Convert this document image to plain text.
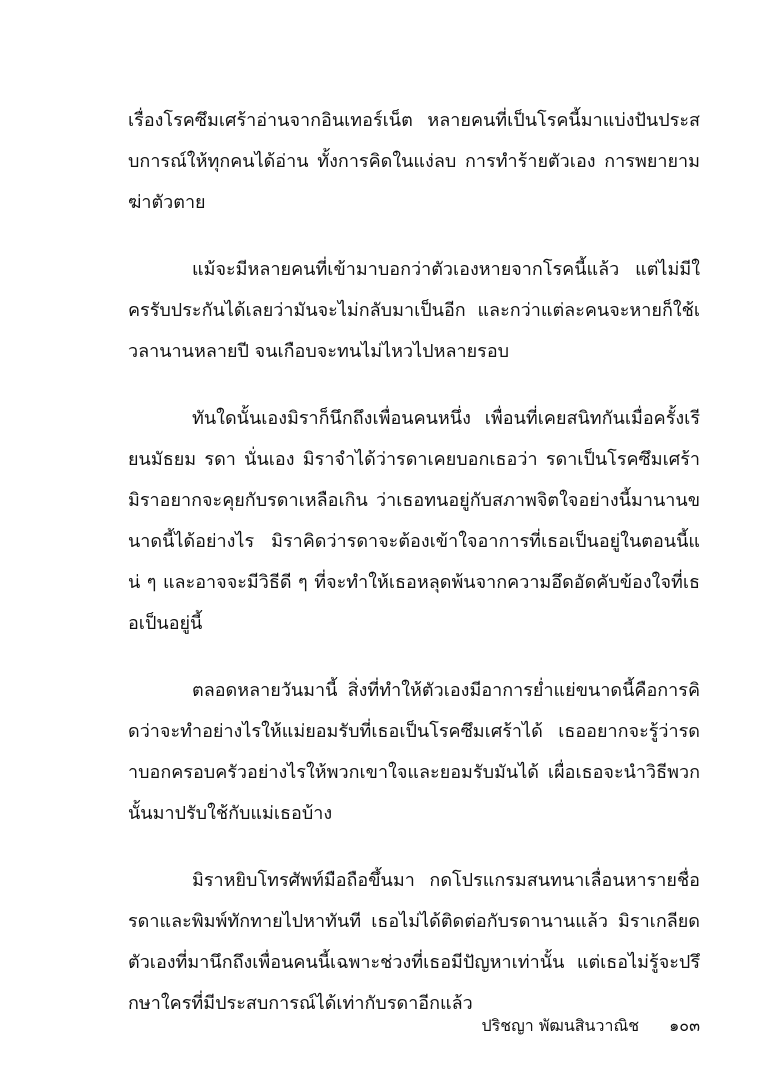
เรื่องโรคซึมเศร้าอ่านจากอินเทอร์เน็ต หลายคนที่เป็นโรคนี้มาแบ่งปันประสบการณ์ให้ทุกคนได้อ่าน ทั้งการคิดในแง่ลบ การทำร้ายตัวเอง การพยายามฆ่าตัวตาย

แม้จะมีหลายคนที่เข้ามาบอกว่าตัวเองหายจากโรคนี้แล้ว แต่ไม่มีใครรับประกันได้เลยว่ามันจะไม่กลับมาเป็นอีก และกว่าแต่ละคนจะหายก็ใช้เวลานานหลายปี จนเกือบจะทนไม่ไหวไปหลายรอบ

ทันใดนั้นเองมิราก็นึกถึงเพื่อนคนหนึ่ง เพื่อนที่เคยสนิทกันเมื่อครั้งเรียนมัธยม รดา นั่นเอง มิราจำได้ว่ารดาเคยบอกเธอว่า รดาเป็นโรคซึมเศร้า มิราอยากจะคุยกับรดาเหลือเกิน ว่าเธอทนอยู่กับสภาพจิตใจอย่างนี้มานานขนาดนี้ได้อย่างไร มิราคิดว่ารดาจะต้องเข้าใจอาการที่เธอเป็นอยู่ในตอนนี้แน่ ๆ และอาจจะมีวิธีดี ๆ ที่จะทำให้เธอหลุดพ้นจากความอึดอัดคับข้องใจที่เธอเป็นอยู่นี้

ตลอดหลายวันมานี้ สิ่งที่ทำให้ตัวเองมีอาการย่ำแย่ขนาดนี้คือการคิดว่าจะทำอย่างไรให้แม่ยอมรับที่เธอเป็นโรคซึมเศร้าได้ เธออยากจะรู้ว่ารดาบอกครอบครัวอย่างไรให้พวกเขาใจและยอมรับมันได้ เผื่อเธอจะนำวิธีพวกนั้นมาปรับใช้กับแม่เธอบ้าง

มิราหยิบโทรศัพท์มือถือขึ้นมา กดโปรแกรมสนทนาเลื่อนหารายชื่อรดาและพิมพ์ทักทายไปหาทันที เธอไม่ได้ติดต่อกับรดานานแล้ว มิราเกลียดตัวเองที่มานึกถึงเพื่อนคนนี้เฉพาะช่วงที่เธอมีปัญหาเท่านั้น แต่เธอไม่รู้จะปรึกษาใครที่มีประสบการณ์ได้เท่ากับรดาอีกแล้ว

ปริชญา พัฒนสินวาณิช ๑๐๓
